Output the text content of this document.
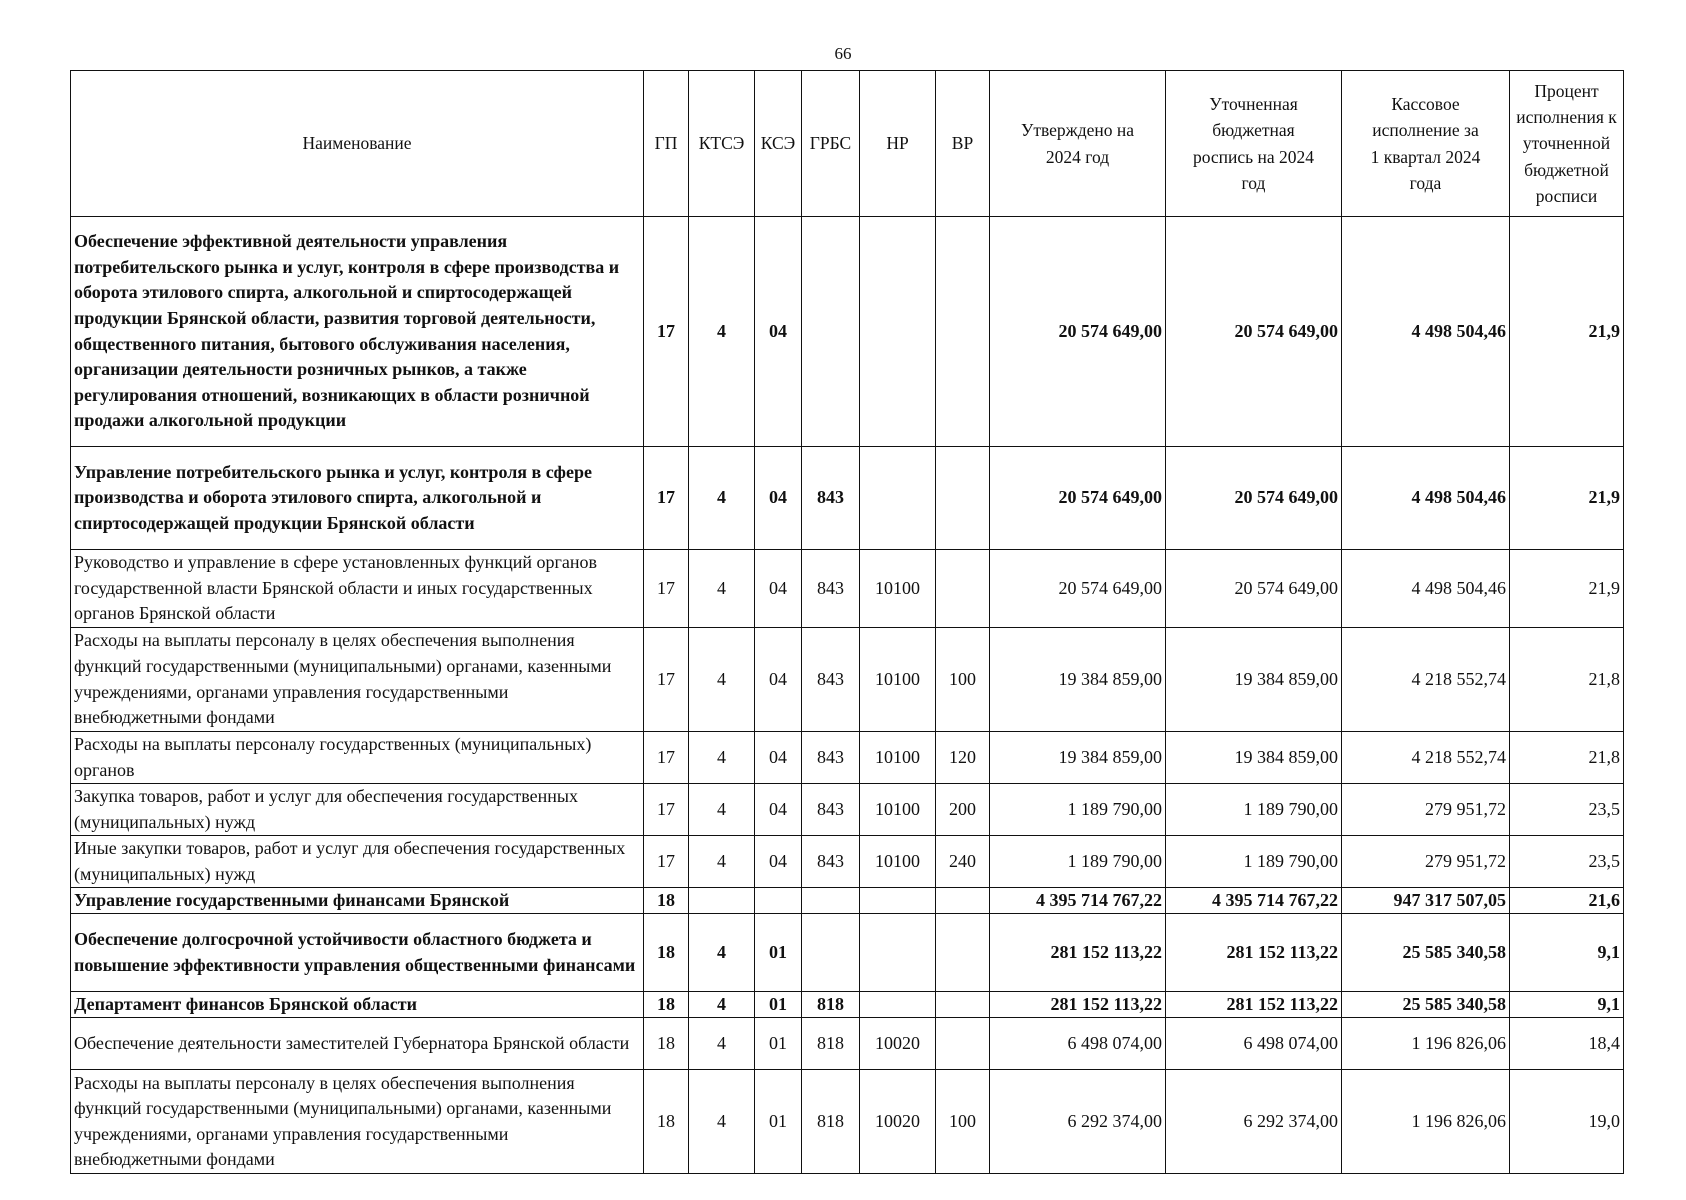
66
Наименование	ГП	КТСЭ	КСЭ	ГРБС	НР	ВР	Утверждено на 2024 год	Уточненная бюджетная роспись на 2024 год	Кассовое исполнение за 1 квартал 2024 года	Процент исполнения к уточненной бюджетной росписи
Обеспечение эффективной деятельности управления потребительского рынка и услуг, контроля в сфере производства и оборота этилового спирта, алкогольной и спиртосодержащей продукции Брянской области, развития торговой деятельности, общественного питания, бытового обслуживания населения, организации деятельности розничных рынков, а также регулирования отношений, возникающих в области розничной продажи алкогольной продукции	17	4	04				20 574 649,00	20 574 649,00	4 498 504,46	21,9
Управление потребительского рынка и услуг, контроля в сфере производства и оборота этилового спирта, алкогольной и спиртосодержащей продукции Брянской области	17	4	04	843			20 574 649,00	20 574 649,00	4 498 504,46	21,9
Руководство и управление в сфере установленных функций органов государственной власти Брянской области и иных государственных органов Брянской области	17	4	04	843	10100		20 574 649,00	20 574 649,00	4 498 504,46	21,9
Расходы на выплаты персоналу в целях обеспечения выполнения функций государственными (муниципальными) органами, казенными учреждениями, органами управления государственными внебюджетными фондами	17	4	04	843	10100	100	19 384 859,00	19 384 859,00	4 218 552,74	21,8
Расходы на выплаты персоналу государственных (муниципальных) органов	17	4	04	843	10100	120	19 384 859,00	19 384 859,00	4 218 552,74	21,8
Закупка товаров, работ и услуг для обеспечения государственных (муниципальных) нужд	17	4	04	843	10100	200	1 189 790,00	1 189 790,00	279 951,72	23,5
Иные закупки товаров, работ и услуг для обеспечения государственных (муниципальных) нужд	17	4	04	843	10100	240	1 189 790,00	1 189 790,00	279 951,72	23,5
Управление государственными финансами Брянской	18						4 395 714 767,22	4 395 714 767,22	947 317 507,05	21,6
Обеспечение долгосрочной устойчивости областного бюджета и повышение эффективности управления общественными финансами	18	4	01				281 152 113,22	281 152 113,22	25 585 340,58	9,1
Департамент финансов Брянской области	18	4	01	818			281 152 113,22	281 152 113,22	25 585 340,58	9,1
Обеспечение деятельности заместителей Губернатора Брянской области	18	4	01	818	10020		6 498 074,00	6 498 074,00	1 196 826,06	18,4
Расходы на выплаты персоналу в целях обеспечения выполнения функций государственными (муниципальными) органами, казенными учреждениями, органами управления государственными внебюджетными фондами	18	4	01	818	10020	100	6 292 374,00	6 292 374,00	1 196 826,06	19,0
